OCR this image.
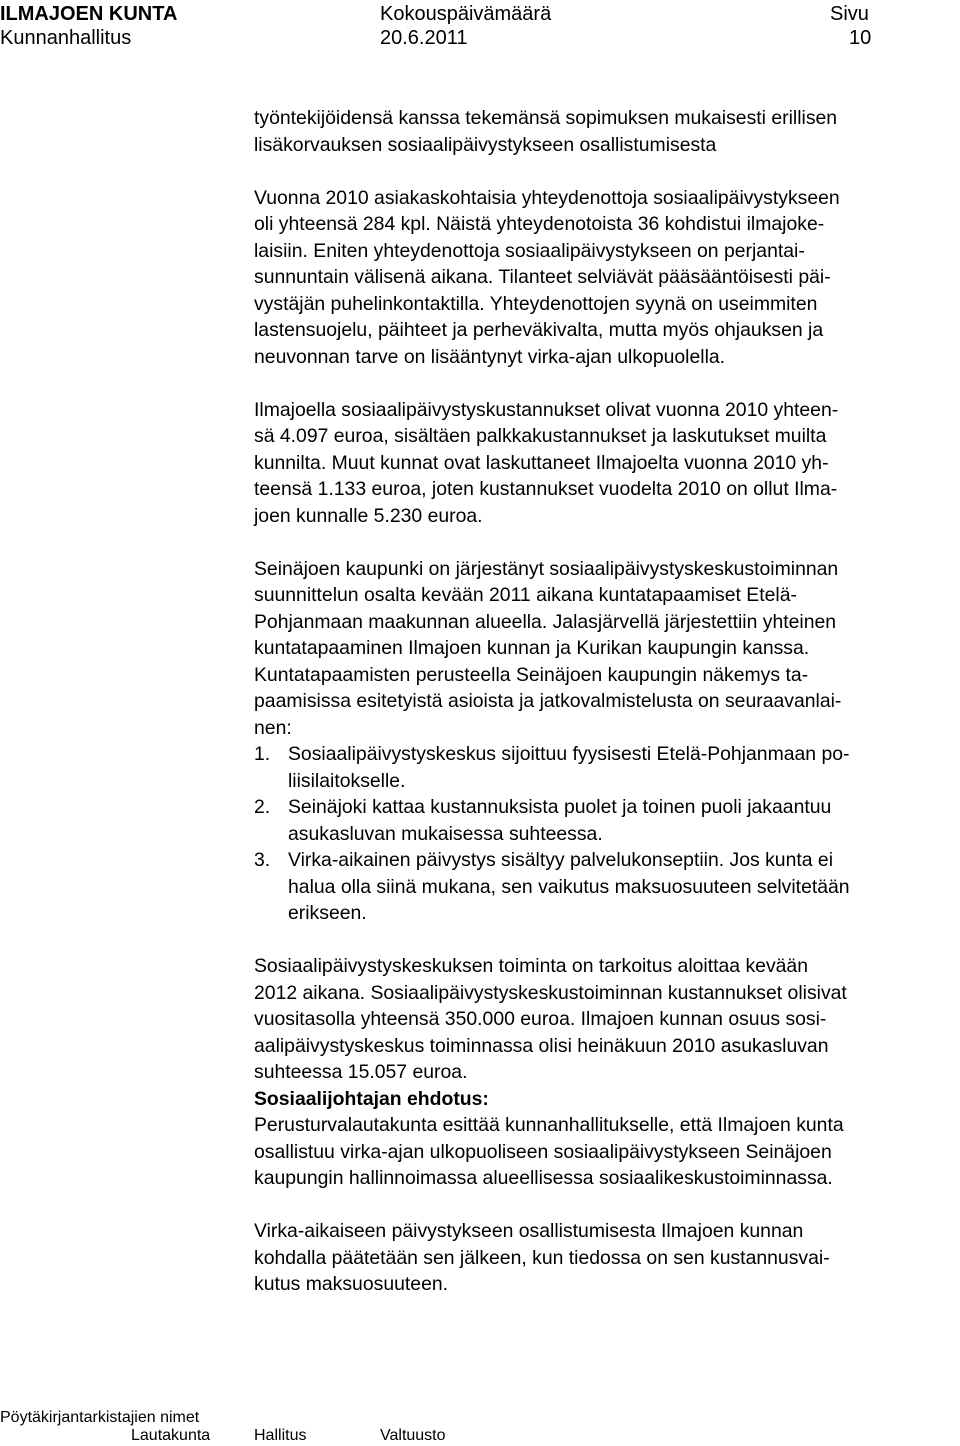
ILMAJOEN KUNTA
Kunnanhallitus
Kokouspäivämäärä
20.6.2011
Sivu
10

työntekijöidensä kanssa tekemänsä sopimuksen mukaisesti erillisen
lisäkorvauksen sosiaalipäivystykseen osallistumisesta

Vuonna 2010 asiakaskohtaisia yhteydenottoja sosiaalipäivystykseen
oli yhteensä 284 kpl. Näistä yhteydenotoista 36 kohdistui ilmajoke-
laisiin. Eniten yhteydenottoja sosiaalipäivystykseen on perjantai-
sunnuntain välisenä aikana. Tilanteet selviävät pääsääntöisesti päi-
vystäjän puhelinkontaktilla. Yhteydenottojen syynä on useimmiten
lastensuojelu, päihteet ja perheväkivalta, mutta myös ohjauksen ja
neuvonnan tarve on lisääntynyt virka-ajan ulkopuolella.

Ilmajoella sosiaalipäivystyskustannukset olivat vuonna 2010 yhteen-
sä 4.097 euroa, sisältäen palkkakustannukset ja laskutukset muilta
kunnilta. Muut kunnat ovat laskuttaneet Ilmajoelta vuonna 2010 yh-
teensä 1.133 euroa, joten kustannukset vuodelta 2010 on ollut Ilma-
joen kunnalle 5.230 euroa.

Seinäjoen kaupunki on järjestänyt sosiaalipäivystyskeskustoiminnan
suunnittelun osalta kevään 2011 aikana kuntatapaamiset Etelä-
Pohjanmaan maakunnan alueella. Jalasjärvellä järjestettiin yhteinen
kuntatapaaminen Ilmajoen kunnan ja Kurikan kaupungin kanssa.
Kuntatapaamisten perusteella Seinäjoen kaupungin näkemys ta-
paamisissa esitetyistä asioista ja jatkovalmistelusta on seuraavanlai-
nen:

1. Sosiaalipäivystyskeskus sijoittuu fyysisesti Etelä-Pohjanmaan po-
liisilaitokselle.
2. Seinäjoki kattaa kustannuksista puolet ja toinen puoli jakaantuu
asukasluvan mukaisessa suhteessa.
3. Virka-aikainen päivystys sisältyy palvelukonseptiin. Jos kunta ei
halua olla siinä mukana, sen vaikutus maksuosuuteen selvitetään
erikseen.

Sosiaalipäivystyskeskuksen toiminta on tarkoitus aloittaa kevään
2012 aikana. Sosiaalipäivystyskeskustoiminnan kustannukset olisivat
vuositasolla yhteensä 350.000 euroa. Ilmajoen kunnan osuus sosi-
aalipäivystyskeskus toiminnassa olisi heinäkuun 2010 asukasluvan
suhteessa 15.057 euroa.

Sosiaalijohtajan ehdotus:

Perusturvalautakunta esittää kunnanhallitukselle, että Ilmajoen kunta
osallistuu virka-ajan ulkopuoliseen sosiaalipäivystykseen Seinäjoen
kaupungin hallinnoimassa alueellisessa sosiaalikeskustoiminnassa.

Virka-aikaiseen päivystykseen osallistumisesta Ilmajoen kunnan
kohdalla päätetään sen jälkeen, kun tiedossa on sen kustannusvai-
kutus maksuosuuteen.

Pöytäkirjantarkistajien nimet
Lautakunta	Hallitus	Valtuusto
